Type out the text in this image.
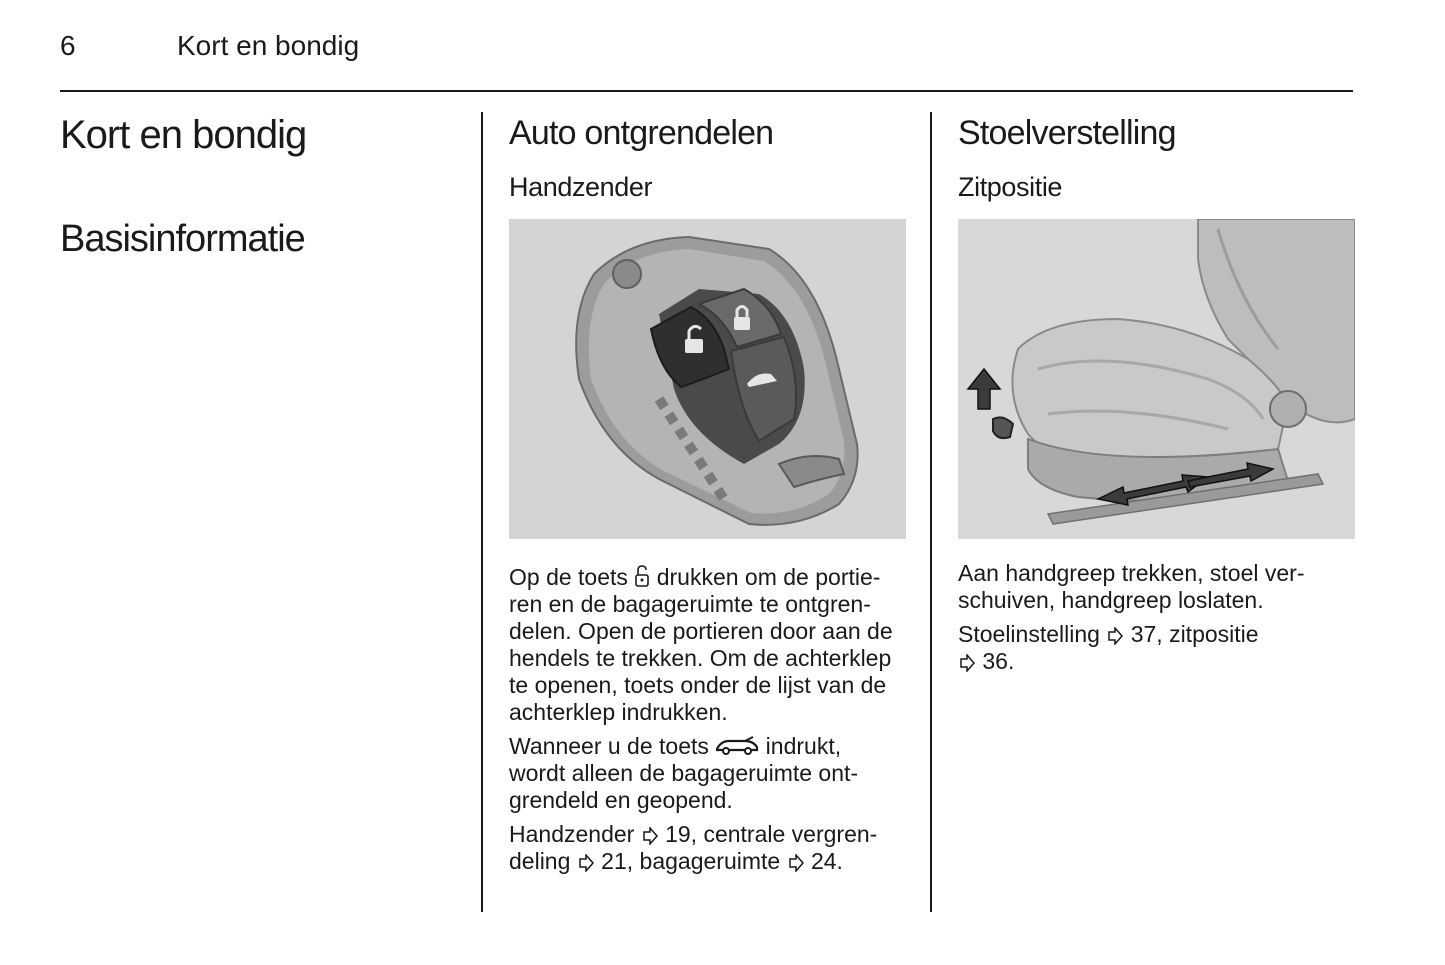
6	Kort en bondig
Kort en bondig
Basisinformatie
Auto ontgrendelen
Handzender

Op de toets drukken om de portie-
ren en de bagageruimte te ontgren-
delen. Open de portieren door aan de
hendels te trekken. Om de achterklep
te openen, toets onder de lijst van de
achterklep indrukken.

Wanneer u de toets indrukt,
wordt alleen de bagageruimte ont-
grendeld en geopend.

Handzender 19, centrale vergren-
deling 21, bagageruimte 24.

Stoelverstelling
Zitpositie

Aan handgreep trekken, stoel ver-
schuiven, handgreep loslaten.

Stoelinstelling 37, zitpositie
36.
